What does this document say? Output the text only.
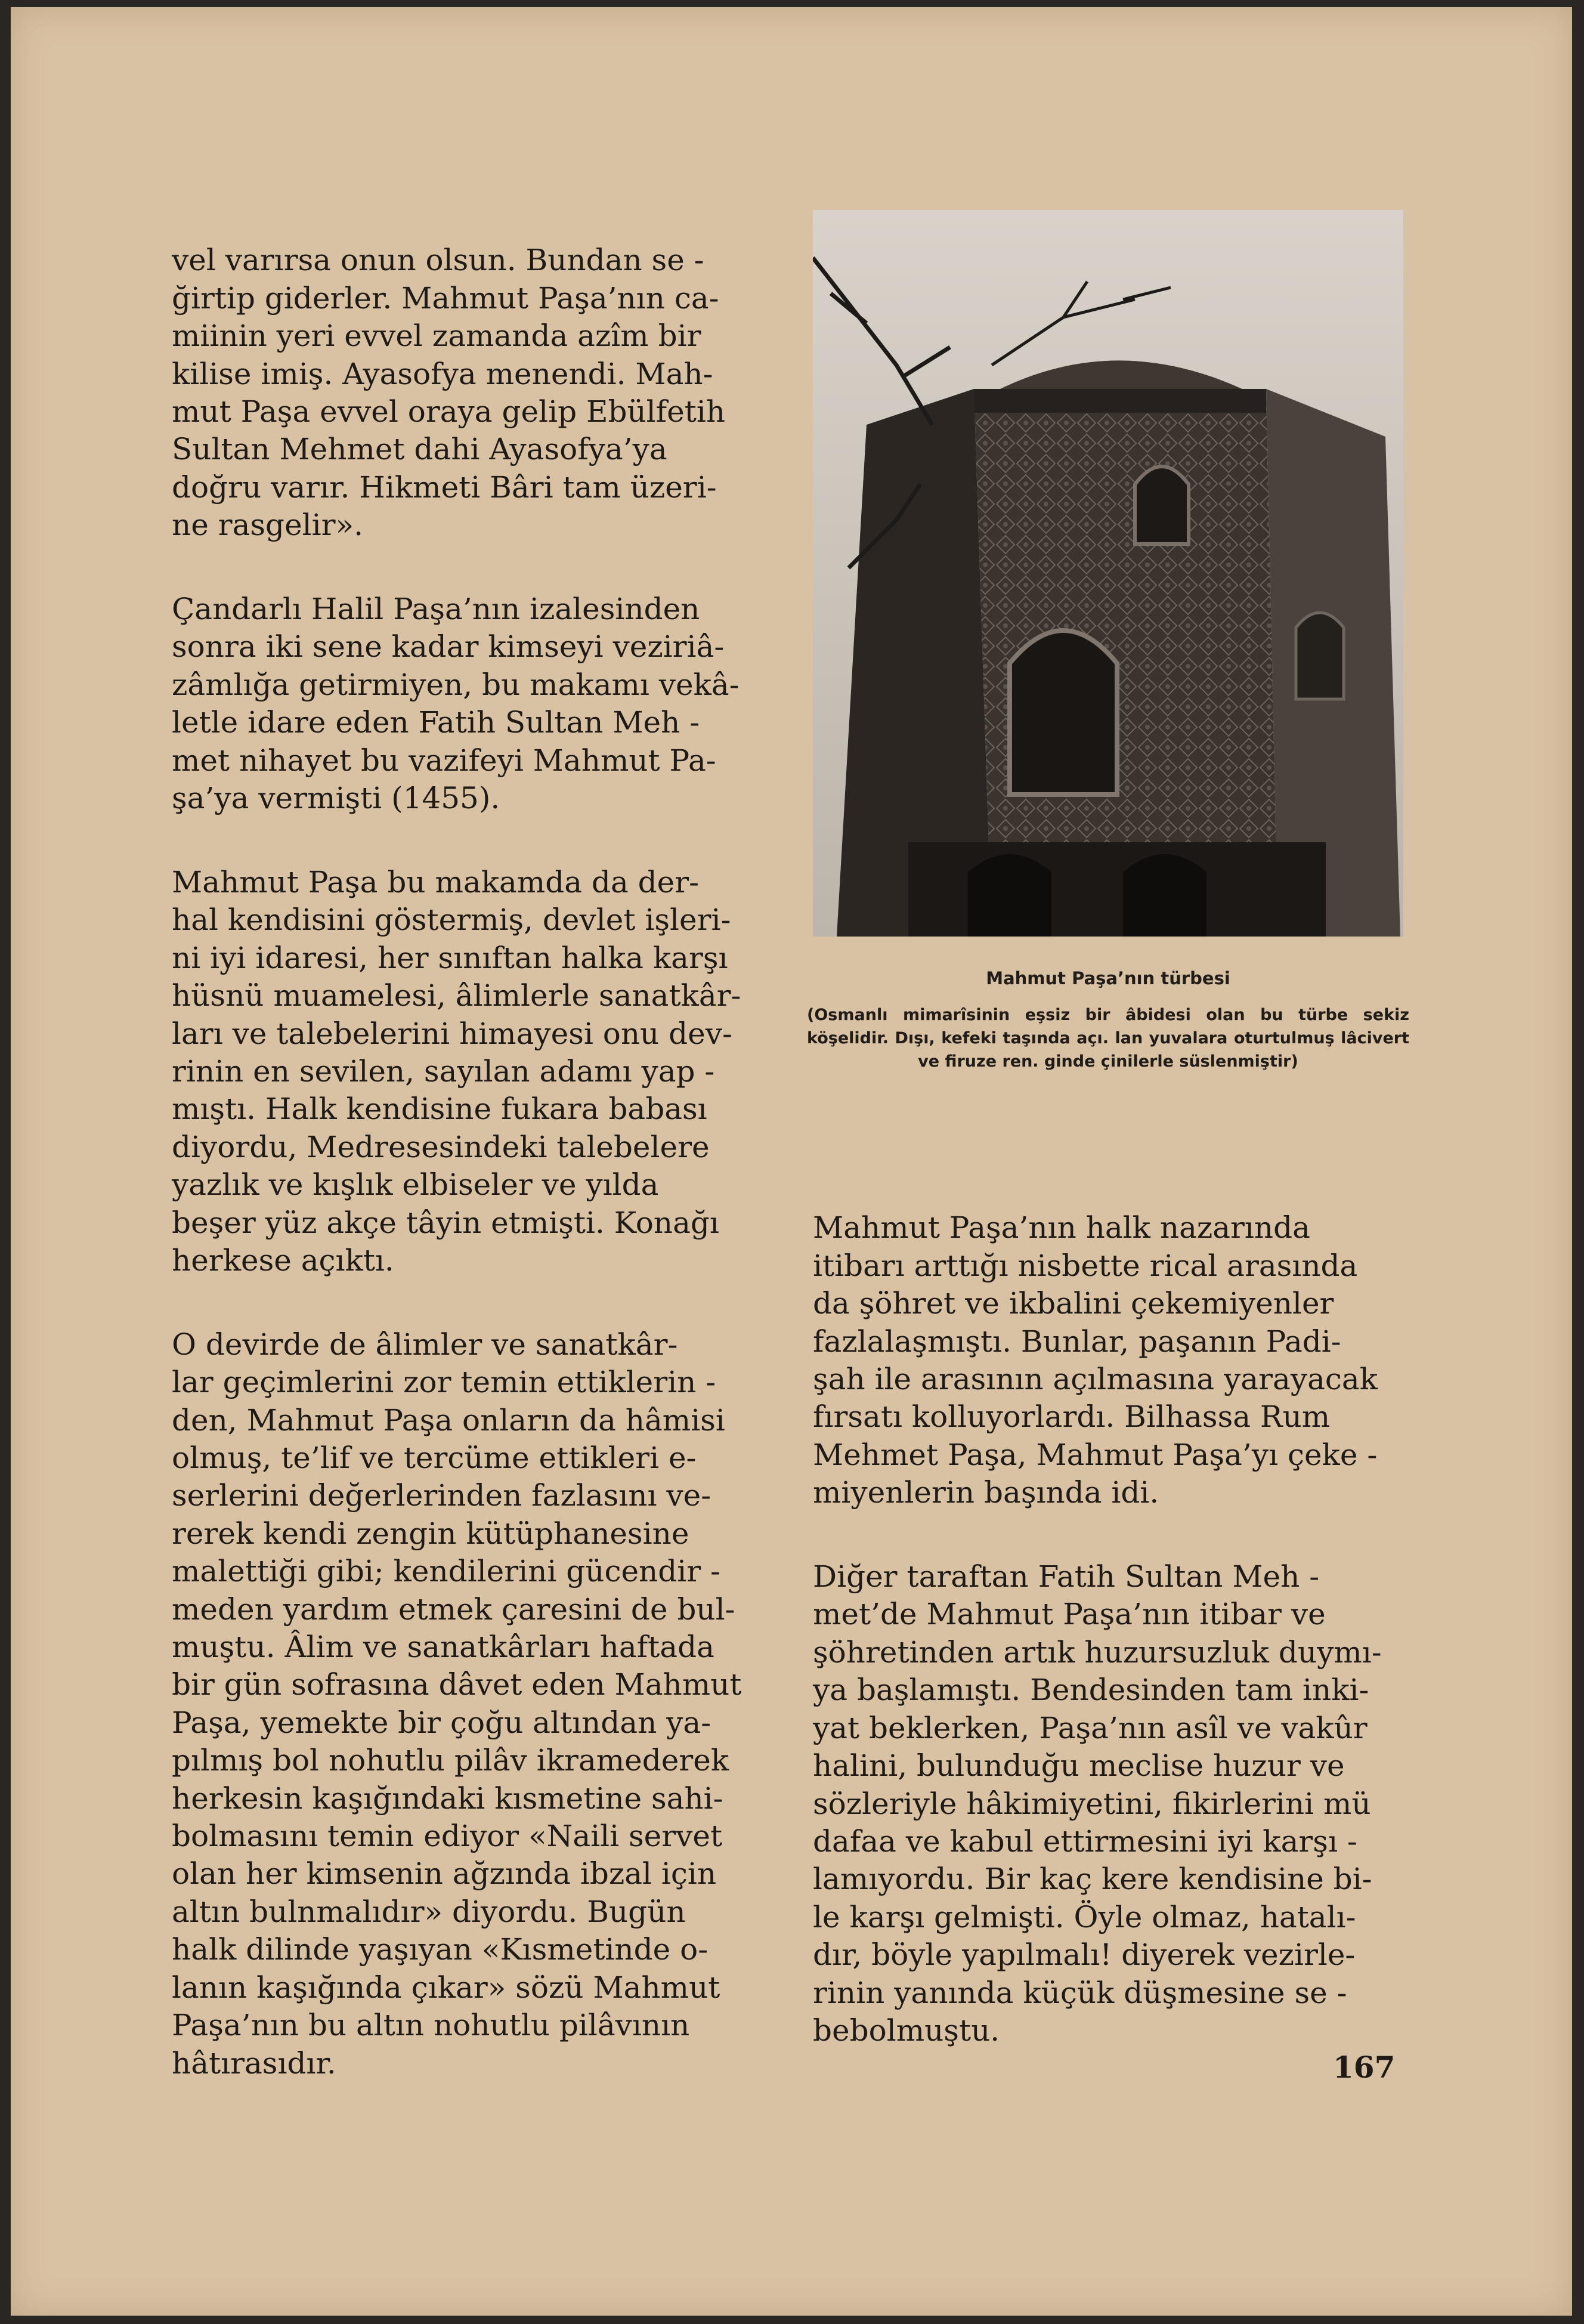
vel varırsa onun olsun. Bundan se -
ğirtip giderler. Mahmut Paşa’nın ca-
miinin yeri evvel zamanda azîm bir
kilise imiş. Ayasofya menendi. Mah-
mut Paşa evvel oraya gelip Ebülfetih
Sultan Mehmet dahi Ayasofya’ya
doğru varır. Hikmeti Bâri tam üzeri-
ne rasgelir».

Çandarlı Halil Paşa’nın izalesinden
sonra iki sene kadar kimseyi veziriâ-
zâmlığa getirmiyen, bu makamı vekâ-
letle idare eden Fatih Sultan Meh -
met nihayet bu vazifeyi Mahmut Pa-
şa’ya vermişti (1455).

Mahmut Paşa bu makamda da der-
hal kendisini göstermiş, devlet işleri-
ni iyi idaresi, her sınıftan halka karşı
hüsnü muamelesi, âlimlerle sanatkâr-
ları ve talebelerini himayesi onu dev-
rinin en sevilen, sayılan adamı yap -
mıştı. Halk kendisine fukara babası
diyordu, Medresesindeki talebelere
yazlık ve kışlık elbiseler ve yılda
beşer yüz akçe tâyin etmişti. Konağı
herkese açıktı.

O devirde de âlimler ve sanatkâr-
lar geçimlerini zor temin ettiklerin -
den, Mahmut Paşa onların da hâmisi
olmuş, te’lif ve tercüme ettikleri e-
serlerini değerlerinden fazlasını ve-
rerek kendi zengin kütüphanesine
malettiği gibi; kendilerini gücendir -
meden yardım etmek çaresini de bul-
muştu. Âlim ve sanatkârları haftada
bir gün sofrasına dâvet eden Mahmut
Paşa, yemekte bir çoğu altından ya-
pılmış bol nohutlu pilâv ikramederek
herkesin kaşığındaki kısmetine sahi-
bolmasını temin ediyor «Naili servet
olan her kimsenin ağzında ibzal için
altın bulnmalıdır» diyordu. Bugün
halk dilinde yaşıyan «Kısmetinde o-
lanın kaşığında çıkar» sözü Mahmut
Paşa’nın bu altın nohutlu pilâvının
hâtırasıdır.

Mahmut Paşa’nın türbesi
(Osmanlı mimarîsinin eşsiz bir âbidesi olan bu türbe sekiz köşelidir. Dışı, kefeki taşında açı. lan yuvalara oturtulmuş lâcivert ve firuze ren. ginde çinilerle süslenmiştir)

Mahmut Paşa’nın halk nazarında
itibarı arttığı nisbette rical arasında
da şöhret ve ikbalini çekemiyenler
fazlalaşmıştı. Bunlar, paşanın Padi-
şah ile arasının açılmasına yarayacak
fırsatı kolluyorlardı. Bilhassa Rum
Mehmet Paşa, Mahmut Paşa’yı çeke -
miyenlerin başında idi.

Diğer taraftan Fatih Sultan Meh -
met’de Mahmut Paşa’nın itibar ve
şöhretinden artık huzursuzluk duymı-
ya başlamıştı. Bendesinden tam inki-
yat beklerken, Paşa’nın asîl ve vakûr
halini, bulunduğu meclise huzur ve
sözleriyle hâkimiyetini, fikirlerini mü
dafaa ve kabul ettirmesini iyi karşı -
lamıyordu. Bir kaç kere kendisine bi-
le karşı gelmişti. Öyle olmaz, hatalı-
dır, böyle yapılmalı! diyerek vezirle-
rinin yanında küçük düşmesine se -
bebolmuştu.

167
